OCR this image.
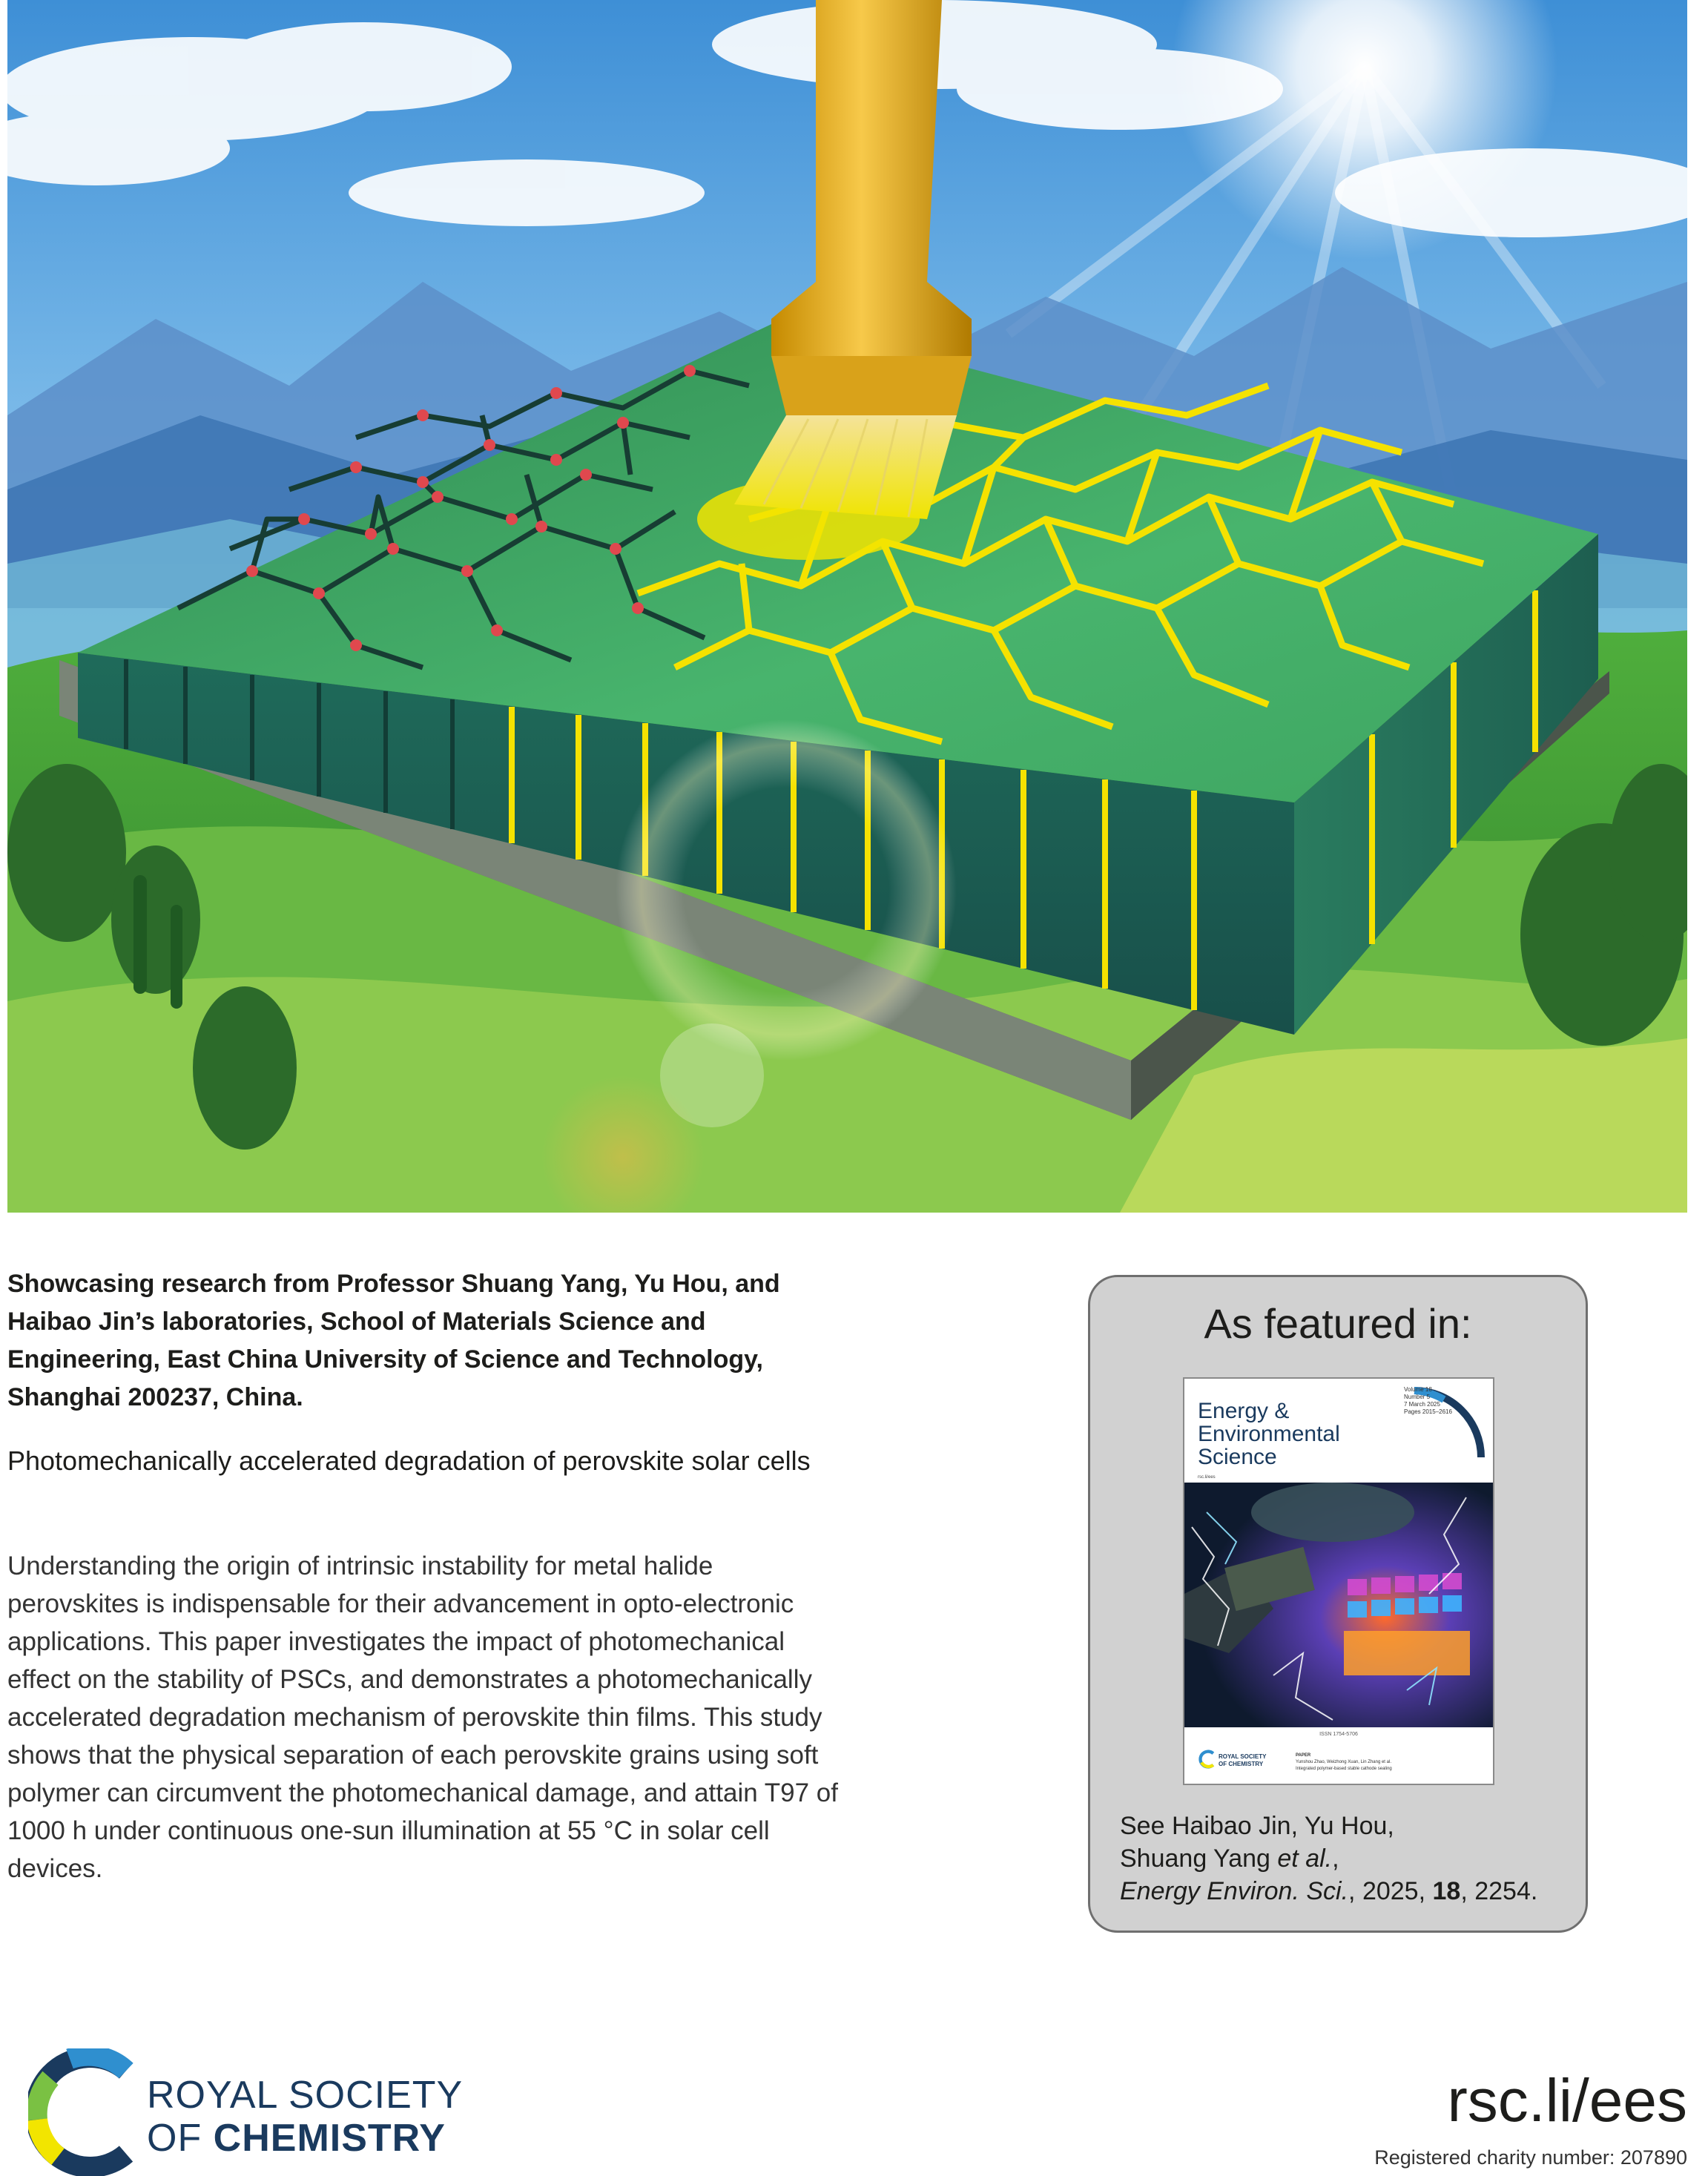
Showcasing research from Professor Shuang Yang, Yu Hou, and Haibao Jin’s laboratories, School of Materials Science and Engineering, East China University of Science and Technology, Shanghai 200237, China.

Photomechanically accelerated degradation of perovskite solar cells

Understanding the origin of intrinsic instability for metal halide perovskites is indispensable for their advancement in opto-electronic applications. This paper investigates the impact of photomechanical effect on the stability of PSCs, and demonstrates a photomechanically accelerated degradation mechanism of perovskite thin films. This study shows that the physical separation of each perovskite grains using soft polymer can circumvent the photomechanical damage, and attain T97 of 1000 h under continuous one-sun illumination at 55 °C in solar cell devices.

As featured in:
Volume 18
Number 5
7 March 2025
Pages 2015–2616

Energy & Environmental Science

rsc.li/ees
ISSN 1754-5706
ROYAL SOCIETY
OF CHEMISTRY
PAPER
Yunshou Zhao, Weizhong Xuan, Lin Zhang et al.
Integrated polymer-based stable cathode sealing
See Haibao Jin, Yu Hou,
Shuang Yang et al.,
Energy Environ. Sci., 2025, 18, 2254.
ROYAL SOCIETY
OF CHEMISTRY
rsc.li/ees
Registered charity number: 207890
